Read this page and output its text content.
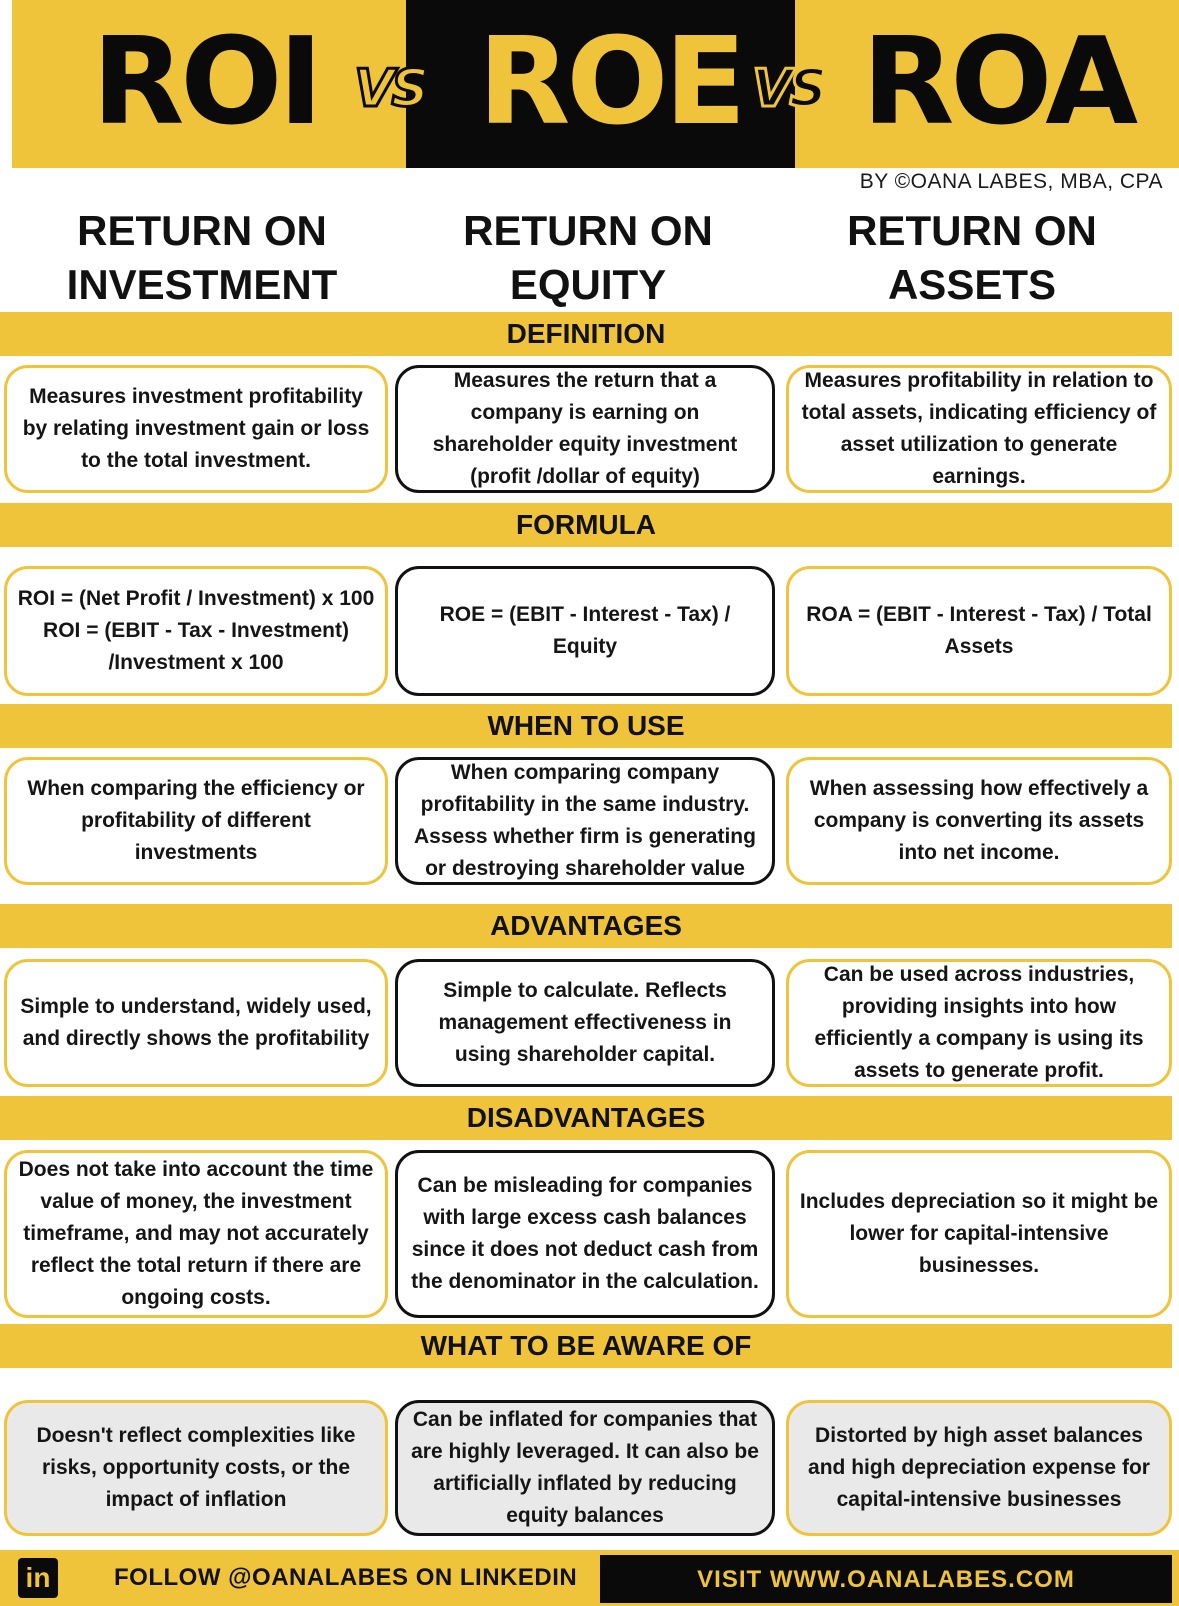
ROI VS ROE VS ROA
BY ©OANA LABES, MBA, CPA
RETURN ON
INVESTMENT
RETURN ON
EQUITY
RETURN ON
ASSETS
DEFINITION
Measures investment profitability by relating investment gain or loss to the total investment.
Measures the return that a company is earning on shareholder equity investment (profit /dollar of equity)
Measures profitability in relation to total assets, indicating efficiency of asset utilization to generate earnings.
FORMULA
ROI = (Net Profit / Investment) x 100
ROI = (EBIT - Tax - Investment) /Investment x 100
ROE = (EBIT - Interest - Tax) / Equity
ROA = (EBIT - Interest - Tax) / Total Assets
WHEN TO USE
When comparing the efficiency or profitability of different investments
When comparing company profitability in the same industry. Assess whether firm is generating or destroying shareholder value
When assessing how effectively a company is converting its assets into net income.
ADVANTAGES
Simple to understand, widely used, and directly shows the profitability
Simple to calculate. Reflects management effectiveness in using shareholder capital.
Can be used across industries, providing insights into how efficiently a company is using its assets to generate profit.
DISADVANTAGES
Does not take into account the time value of money, the investment timeframe, and may not accurately reflect the total return if there are ongoing costs.
Can be misleading for companies with large excess cash balances since it does not deduct cash from the denominator in the calculation.
Includes depreciation so it might be lower for capital-intensive businesses.
WHAT TO BE AWARE OF
Doesn't reflect complexities like risks, opportunity costs, or the impact of inflation
Can be inflated for companies that are highly leveraged. It can also be artificially inflated by reducing equity balances
Distorted by high asset balances and high depreciation expense for capital-intensive businesses
in	FOLLOW @OANALABES ON LINKEDIN	VISIT WWW.OANALABES.COM
